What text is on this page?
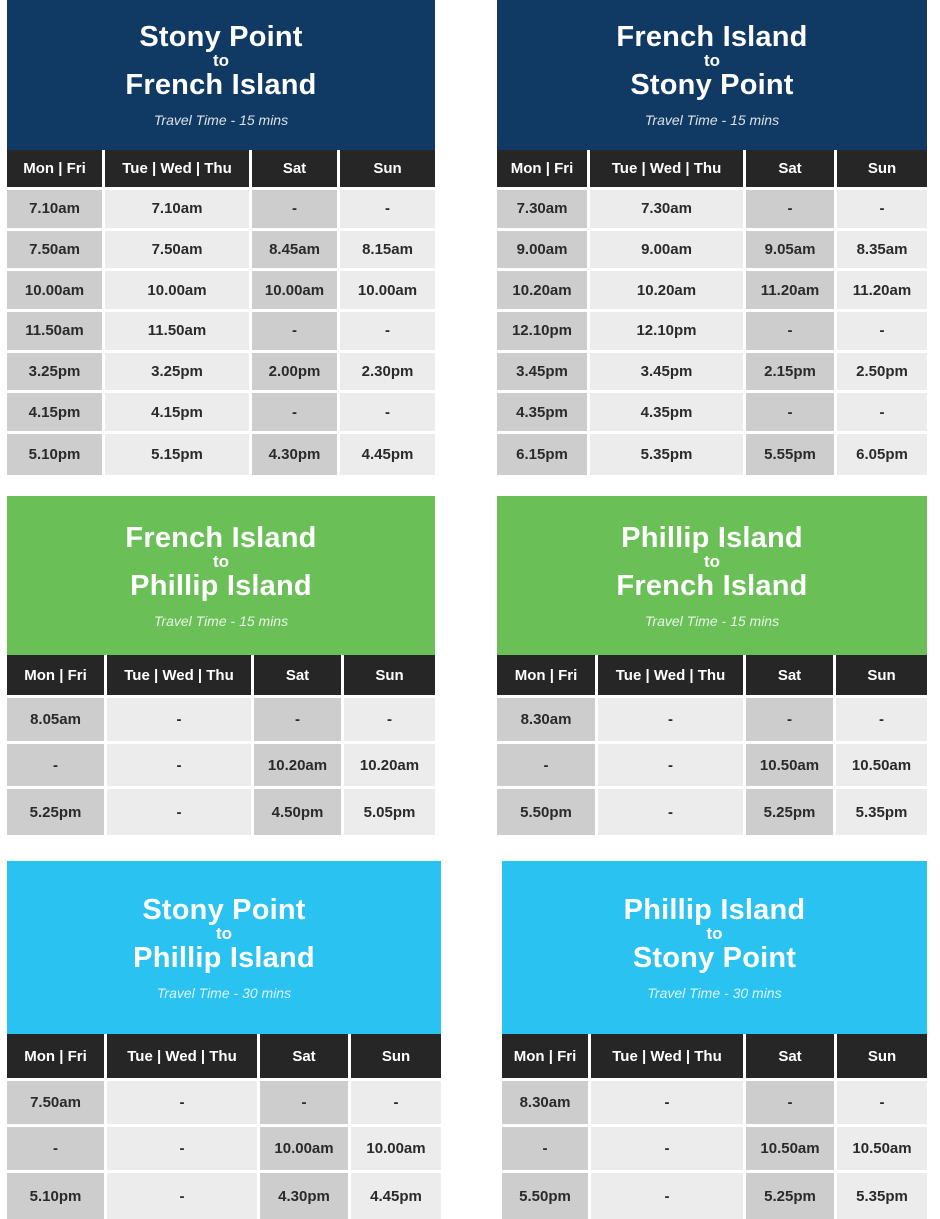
Stony Point
to
French Island
Travel Time - 15 mins
Mon | Fri	Tue | Wed | Thu	Sat	Sun
7.10am	7.10am	-	-
7.50am	7.50am	8.45am	8.15am
10.00am	10.00am	10.00am	10.00am
11.50am	11.50am	-	-
3.25pm	3.25pm	2.00pm	2.30pm
4.15pm	4.15pm	-	-
5.10pm	5.15pm	4.30pm	4.45pm
French Island
to
Stony Point
Travel Time - 15 mins
Mon | Fri	Tue | Wed | Thu	Sat	Sun
7.30am	7.30am	-	-
9.00am	9.00am	9.05am	8.35am
10.20am	10.20am	11.20am	11.20am
12.10pm	12.10pm	-	-
3.45pm	3.45pm	2.15pm	2.50pm
4.35pm	4.35pm	-	-
6.15pm	5.35pm	5.55pm	6.05pm
French Island
to
Phillip Island
Travel Time - 15 mins
Mon | Fri	Tue | Wed | Thu	Sat	Sun
8.05am	-	-	-
-	-	10.20am	10.20am
5.25pm	-	4.50pm	5.05pm
Phillip Island
to
French Island
Travel Time - 15 mins
Mon | Fri	Tue | Wed | Thu	Sat	Sun
8.30am	-	-	-
-	-	10.50am	10.50am
5.50pm	-	5.25pm	5.35pm
Stony Point
to
Phillip Island
Travel Time - 30 mins
Mon | Fri	Tue | Wed | Thu	Sat	Sun
7.50am	-	-	-
-	-	10.00am	10.00am
5.10pm	-	4.30pm	4.45pm
Phillip Island
to
Stony Point
Travel Time - 30 mins
Mon | Fri	Tue | Wed | Thu	Sat	Sun
8.30am	-	-	-
-	-	10.50am	10.50am
5.50pm	-	5.25pm	5.35pm
